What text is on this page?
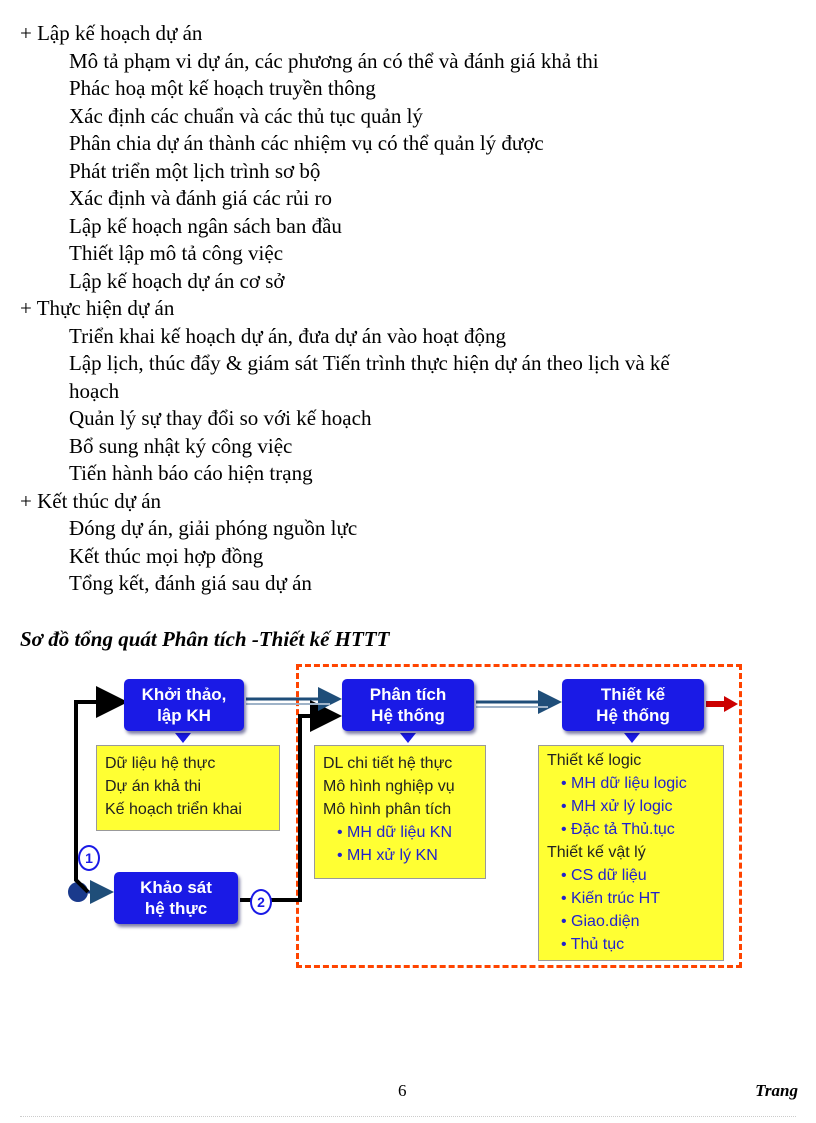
+ Lập kế hoạch dự án

Mô tả phạm vi dự án, các phương án có thể và đánh giá khả thi

Phác hoạ một kế hoạch truyền thông

Xác định các chuẩn và các thủ tục quản lý

Phân chia dự án thành các nhiệm vụ có thể quản lý được

Phát triển một lịch trình sơ bộ

Xác định và đánh giá các rủi ro

Lập kế hoạch ngân sách ban đầu

Thiết lập mô tả công việc

Lập kế hoạch dự án cơ sở

+ Thực hiện dự án

Triển khai kế hoạch dự án, đưa dự án vào hoạt động

Lập lịch, thúc đẩy & giám sát Tiến trình thực hiện dự án theo lịch và kế

hoạch

Quản lý sự thay đổi so với kế hoạch

Bổ sung nhật ký công việc

Tiến hành báo cáo hiện trạng

+ Kết thúc dự án

Đóng dự án, giải phóng nguồn lực

Kết thúc mọi hợp đồng

Tổng kết, đánh giá sau dự án

Sơ đồ tổng quát Phân tích -Thiết kế HTTT
Khởi thảo,
lập KH
Phân tích
Hệ thống
Thiết kế
Hệ thống
Khảo sát
hệ thực
Dữ liệu hệ thực
Dự án khả thi
Kế hoạch triển khai
DL chi tiết hệ thực
Mô hình nghiệp vụ
Mô hình phân tích
• MH dữ liệu KN
• MH xử lý KN
Thiết kế logic
• MH dữ liệu logic
• MH xử lý logic
• Đặc tả Thủ.tục
Thiết kế vật lý
• CS dữ liệu
• Kiến trúc HT
• Giao.diện
• Thủ tục
1
2
6	Trang
